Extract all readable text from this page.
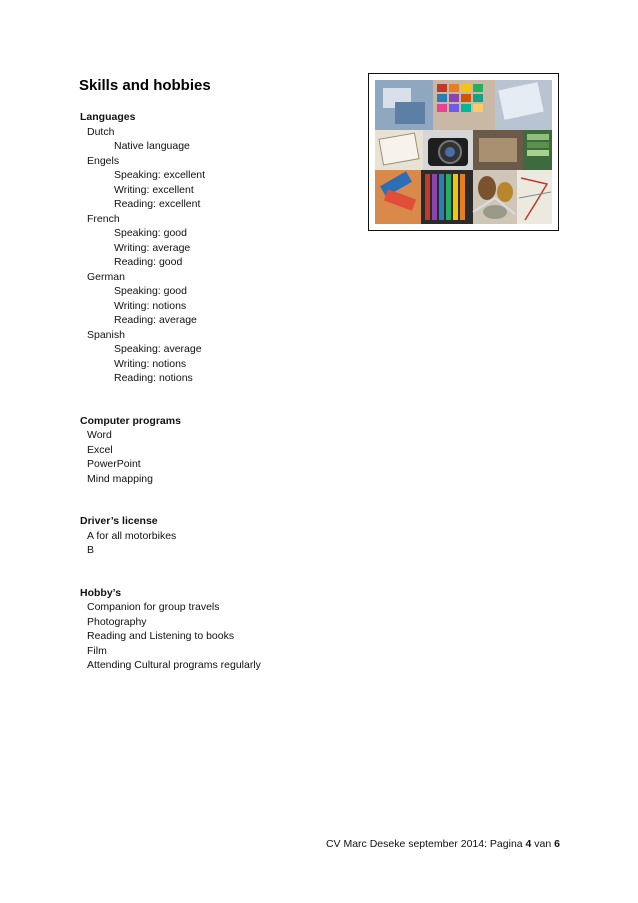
Skills and hobbies
Languages
Dutch
Native language
Engels
Speaking: excellent
Writing: excellent
Reading: excellent
French
Speaking: good
Writing: average
Reading: good
German
Speaking: good
Writing: notions
Reading: average
Spanish
Speaking: average
Writing: notions
Reading: notions
Computer programs
Word
Excel
PowerPoint
Mind mapping
Driver’s license
A for all motorbikes
B
Hobby’s
Companion for group travels
Photography
Reading and Listening to books
Film
Attending Cultural programs regularly
CV Marc Deseke september 2014: Pagina 4 van 6
